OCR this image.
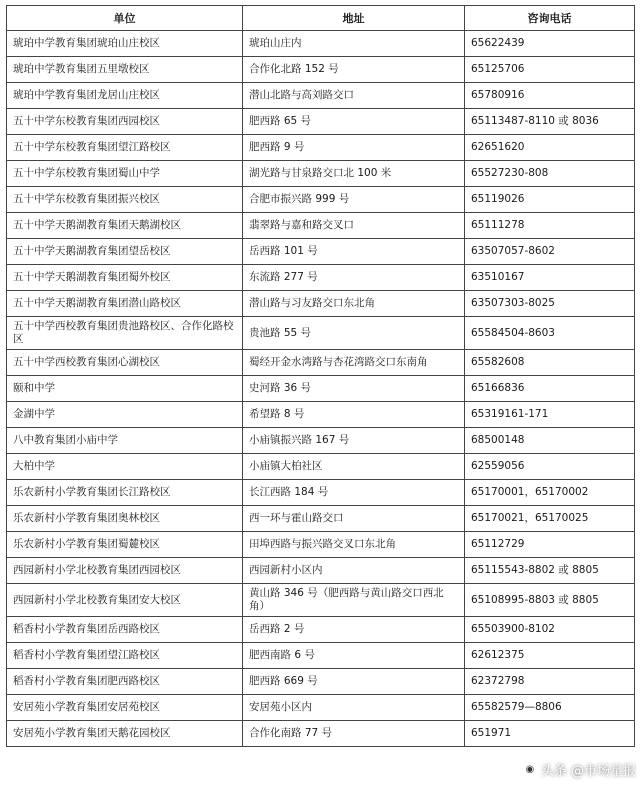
单位	地址	咨询电话
琥珀中学教育集团琥珀山庄校区	琥珀山庄内	65622439
琥珀中学教育集团五里墩校区	合作化北路 152 号	65125706
琥珀中学教育集团龙居山庄校区	潜山北路与高刘路交口	65780916
五十中学东校教育集团西园校区	肥西路 65 号	65113487-8110 或 8036
五十中学东校教育集团望江路校区	肥西路 9 号	62651620
五十中学东校教育集团蜀山中学	湖光路与甘泉路交口北 100 米	65527230-808
五十中学东校教育集团振兴校区	合肥市振兴路 999 号	65119026
五十中学天鹅湖教育集团天鹅湖校区	翡翠路与嘉和路交叉口	65111278
五十中学天鹅湖教育集团望岳校区	岳西路 101 号	63507057-8602
五十中学天鹅湖教育集团蜀外校区	东流路 277 号	63510167
五十中学天鹅湖教育集团潜山路校区	潜山路与习友路交口东北角	63507303-8025
五十中学西校教育集团贵池路校区、合作化路校区	贵池路 55 号	65584504-8603
五十中学西校教育集团心湖校区	蜀经开金水湾路与杏花湾路交口东南角	65582608
颐和中学	史河路 36 号	65166836
金湖中学	希望路 8 号	65319161-171
八中教育集团小庙中学	小庙镇振兴路 167 号	68500148
大柏中学	小庙镇大柏社区	62559056
乐农新村小学教育集团长江路校区	长江西路 184 号	65170001，65170002
乐农新村小学教育集团奥林校区	西一环与霍山路交口	65170021，65170025
乐农新村小学教育集团蜀麓校区	田埠西路与振兴路交叉口东北角	65112729
西园新村小学北校教育集团西园校区	西园新村小区内	65115543-8802 或 8805
西园新村小学北校教育集团安大校区	黄山路 346 号（肥西路与黄山路交口西北角）	65108995-8803 或 8805
稻香村小学教育集团岳西路校区	岳西路 2 号	65503900-8102
稻香村小学教育集团望江路校区	肥西南路 6 号	62612375
稻香村小学教育集团肥西路校区	肥西路 669 号	62372798
安居苑小学教育集团安居苑校区	安居苑小区内	65582579—8806
安居苑小学教育集团天鹅花园校区	合作化南路 77 号	651971
◉ 头条 @市场星报
